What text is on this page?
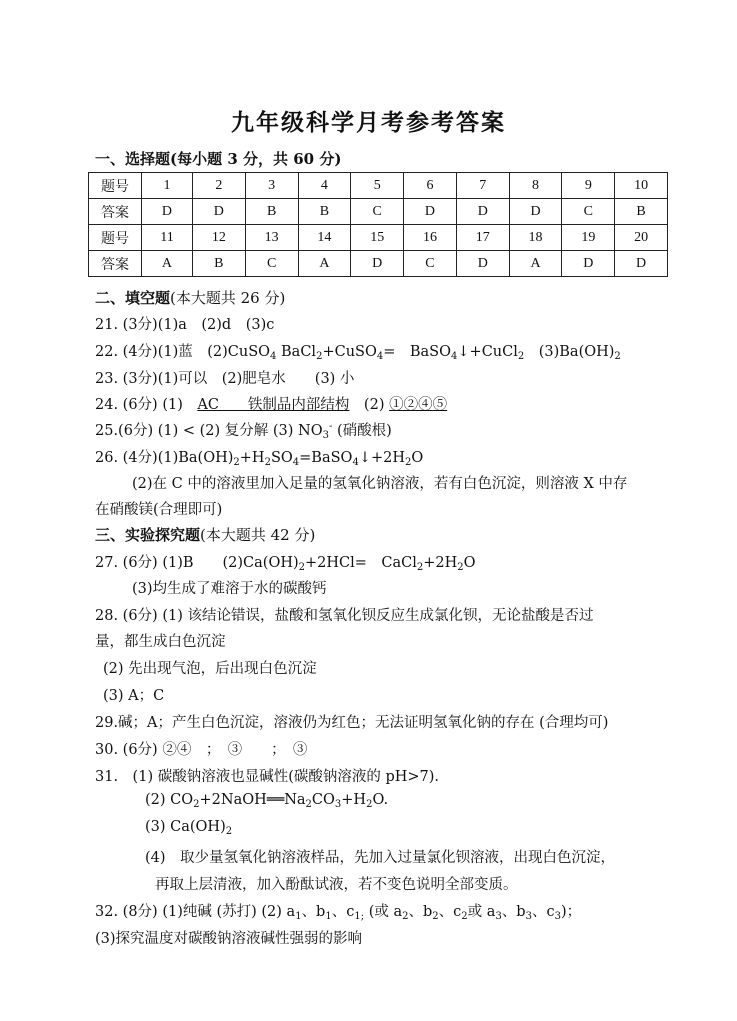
九年级科学月考参考答案
一、选择题(每小题 3 分，共 60 分)
题号	1	2	3	4	5	6	7	8	9	10
答案	D	D	B	B	C	D	D	D	C	B
题号	11	12	13	14	15	16	17	18	19	20
答案	A	B	C	A	D	C	D	A	D	D
二、填空题(本大题共 26 分)
21. (3分)(1)a　(2)d　(3)c
22. (4分)(1)蓝　(2)CuSO$_4$ BaCl$_2$+CuSO$_4$=　BaSO$_4$↓+CuCl$_2$　$(3)Ba(OH)_2$
23. (3分)(1)可以　(2)肥皂水　　(3) 小
24. (6分) (1)　AC　　铁制品内部结构　(2) ①②④⑤
25.(6分) (1) < (2) 复分解 (3) $NO_3^-$ (硝酸根)
26. (4分)$(1)Ba(OH)_2+H_2SO_4=BaSO_4↓+2H_2O$
(2)在 C 中的溶液里加入足量的氢氧化钠溶液，若有白色沉淀，则溶液 X 中存
在硝酸镁(合理即可)
三、实验探究题(本大题共 42 分)
27. (6分) (1)B　　$(2)Ca(OH)_2+2HCl=$　$CaCl_2+2H_2O$
(3)均生成了难溶于水的碳酸钙
28. (6分) (1) 该结论错误，盐酸和氢氧化钡反应生成氯化钡，无论盐酸是否过
量，都生成白色沉淀
(2) 先出现气泡，后出现白色沉淀
(3) A；C
29.碱；A；产生白色沉淀，溶液仍为红色；无法证明氢氧化钠的存在 (合理均可)
30. (6分) ②④　；　③　　；　③
31.　(1) 碳酸钠溶液也显碱性(碳酸钠溶液的 pH>7).
(2) $CO_2+2NaOH══Na_2CO_3+H_2O$.
(3) $Ca(OH)_2$
(4)　取少量氢氧化钠溶液样品，先加入过量氯化钡溶液，出现白色沉淀，
再取上层清液，加入酚酞试液，若不变色说明全部变质。
32. (8分) (1)纯碱 (苏打) (2) $a_1$、$b_1$、$c_{1;}$ (或 $a_2$、$b_2$、$c_2$或 $a_3$、$b_3$、$c_3$)；
(3)探究温度对碳酸钠溶液碱性强弱的影响
